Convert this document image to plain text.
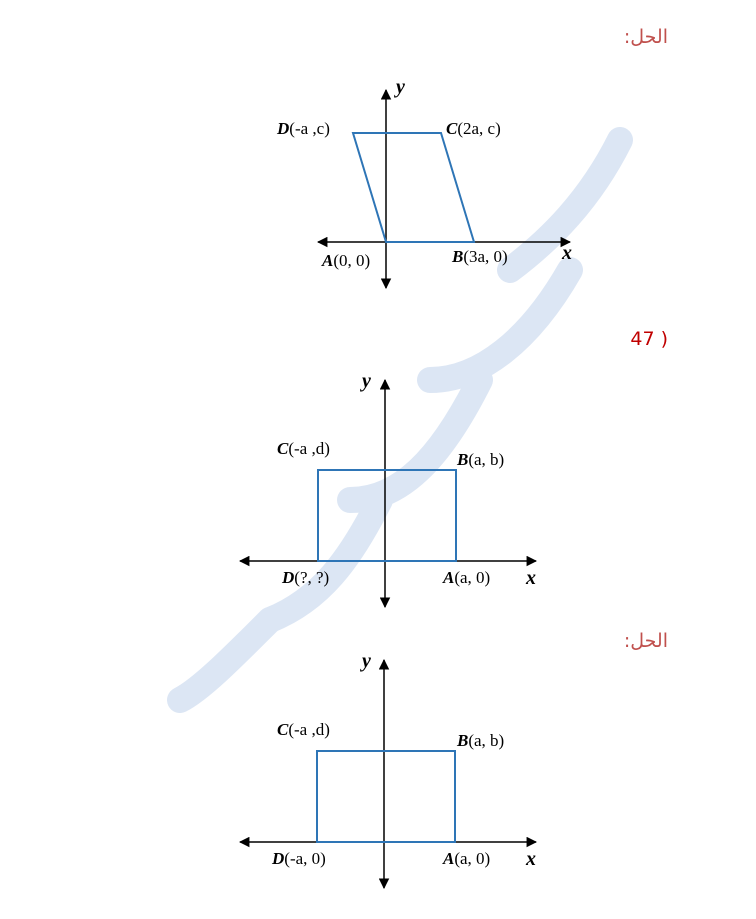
الحل:
y
x
D(-a ,c)	C(2a, c)
A(0, 0)	B(3a, 0)
47 )
y
x
C(-a ,d)
B(a, b)
D(?, ?)	A(a, 0)
الحل:
y
x
C(-a ,d)
B(a, b)
D(-a, 0)	A(a, 0)
